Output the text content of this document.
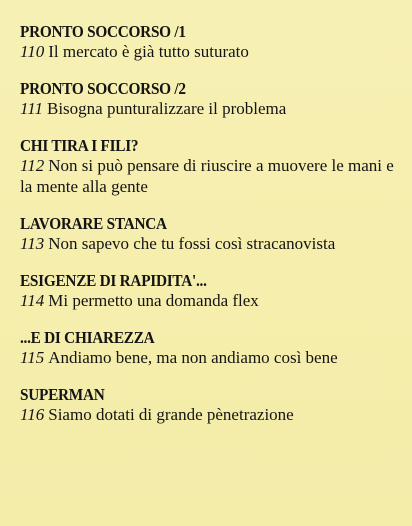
PRONTO SOCCORSO /1

110 Il mercato è già tutto suturato

PRONTO SOCCORSO /2

111 Bisogna punturalizzare il problema

CHI TIRA I FILI?

112 Non si può pensare di riuscire a muovere le mani e la mente alla gente

LAVORARE STANCA

113 Non sapevo che tu fossi così stracanovista

ESIGENZE DI RAPIDITA'...

114 Mi permetto una domanda flex

...E DI CHIAREZZA

115 Andiamo bene, ma non andiamo così bene

SUPERMAN

116 Siamo dotati di grande pènetrazione
